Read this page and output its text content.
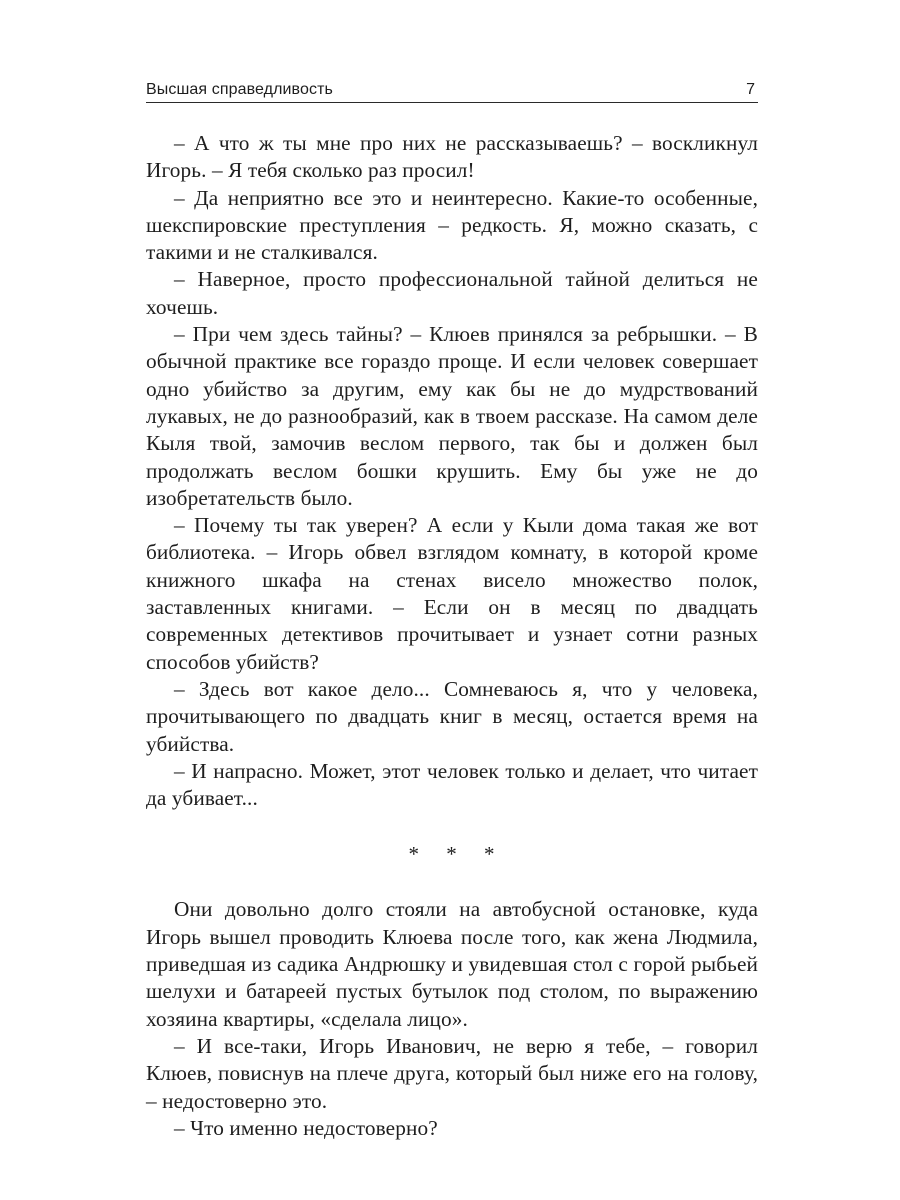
Высшая справедливость	7

– А что ж ты мне про них не рассказываешь? – воскликнул Игорь. – Я тебя сколько раз просил!

– Да неприятно все это и неинтересно. Какие-то особенные, шекспировские преступления – редкость. Я, можно сказать, с такими и не сталкивался.

– Наверное, просто профессиональной тайной делиться не хочешь.

– При чем здесь тайны? – Клюев принялся за ребрышки. – В обычной практике все гораздо проще. И если человек совершает одно убийство за другим, ему как бы не до мудрствований лукавых, не до разнообразий, как в твоем рассказе. На самом деле Кыля твой, замочив веслом первого, так бы и должен был продолжать веслом бошки крушить. Ему бы уже не до изобретательств было.

– Почему ты так уверен? А если у Кыли дома такая же вот библиотека. – Игорь обвел взглядом комнату, в которой кроме книжного шкафа на стенах висело множество полок, заставленных книгами. – Если он в месяц по двадцать современных детективов прочитывает и узнает сотни разных способов убийств?

– Здесь вот какое дело... Сомневаюсь я, что у человека, прочитывающего по двадцать книг в месяц, остается время на убийства.

– И напрасно. Может, этот человек только и делает, что читает да убивает...

* * *

Они довольно долго стояли на автобусной остановке, куда Игорь вышел проводить Клюева после того, как жена Людмила, приведшая из садика Андрюшку и увидевшая стол с горой рыбьей шелухи и батареей пустых бутылок под столом, по выражению хозяина квартиры, «сделала лицо».

– И все-таки, Игорь Иванович, не верю я тебе, – говорил Клюев, повиснув на плече друга, который был ниже его на голову, – недостоверно это.

– Что именно недостоверно?
